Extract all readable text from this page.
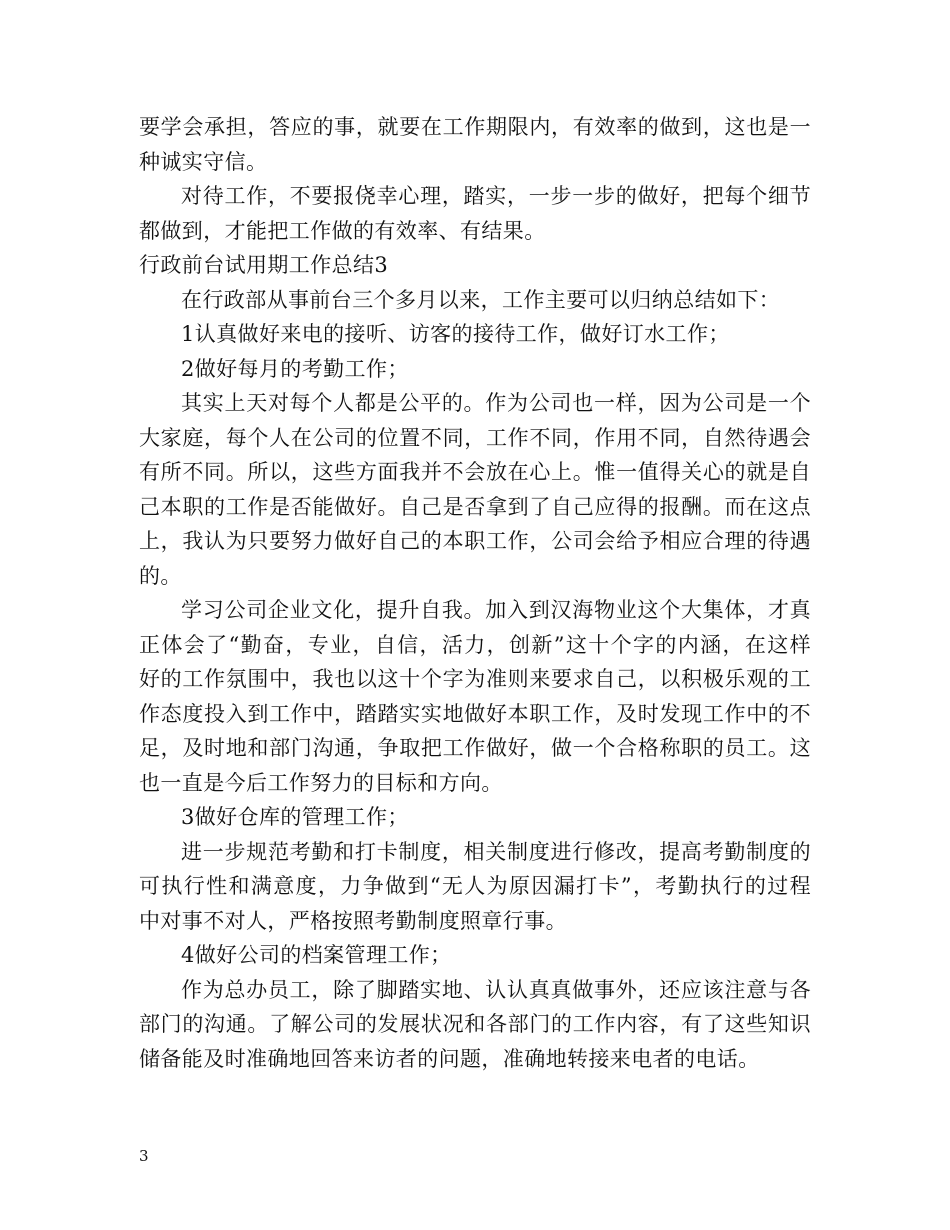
要学会承担，答应的事，就要在工作期限内，有效率的做到，这也是一
种诚实守信。
对待工作，不要报侥幸心理，踏实，一步一步的做好，把每个细节
都做到，才能把工作做的有效率、有结果。
行政前台试用期工作总结3
在行政部从事前台三个多月以来，工作主要可以归纳总结如下：
1认真做好来电的接听、访客的接待工作，做好订水工作；
2做好每月的考勤工作；
其实上天对每个人都是公平的。作为公司也一样，因为公司是一个
大家庭，每个人在公司的位置不同，工作不同，作用不同，自然待遇会
有所不同。所以，这些方面我并不会放在心上。惟一值得关心的就是自
己本职的工作是否能做好。自己是否拿到了自己应得的报酬。而在这点
上，我认为只要努力做好自己的本职工作，公司会给予相应合理的待遇
的。
学习公司企业文化，提升自我。加入到汉海物业这个大集体，才真
正体会了“勤奋，专业，自信，活力，创新”这十个字的内涵，在这样
好的工作氛围中，我也以这十个字为准则来要求自己，以积极乐观的工
作态度投入到工作中，踏踏实实地做好本职工作，及时发现工作中的不
足，及时地和部门沟通，争取把工作做好，做一个合格称职的员工。这
也一直是今后工作努力的目标和方向。
3做好仓库的管理工作；
进一步规范考勤和打卡制度，相关制度进行修改，提高考勤制度的
可执行性和满意度，力争做到“无人为原因漏打卡”，考勤执行的过程
中对事不对人，严格按照考勤制度照章行事。
4做好公司的档案管理工作；
作为总办员工，除了脚踏实地、认认真真做事外，还应该注意与各
部门的沟通。了解公司的发展状况和各部门的工作内容，有了这些知识
储备能及时准确地回答来访者的问题，准确地转接来电者的电话。
3
